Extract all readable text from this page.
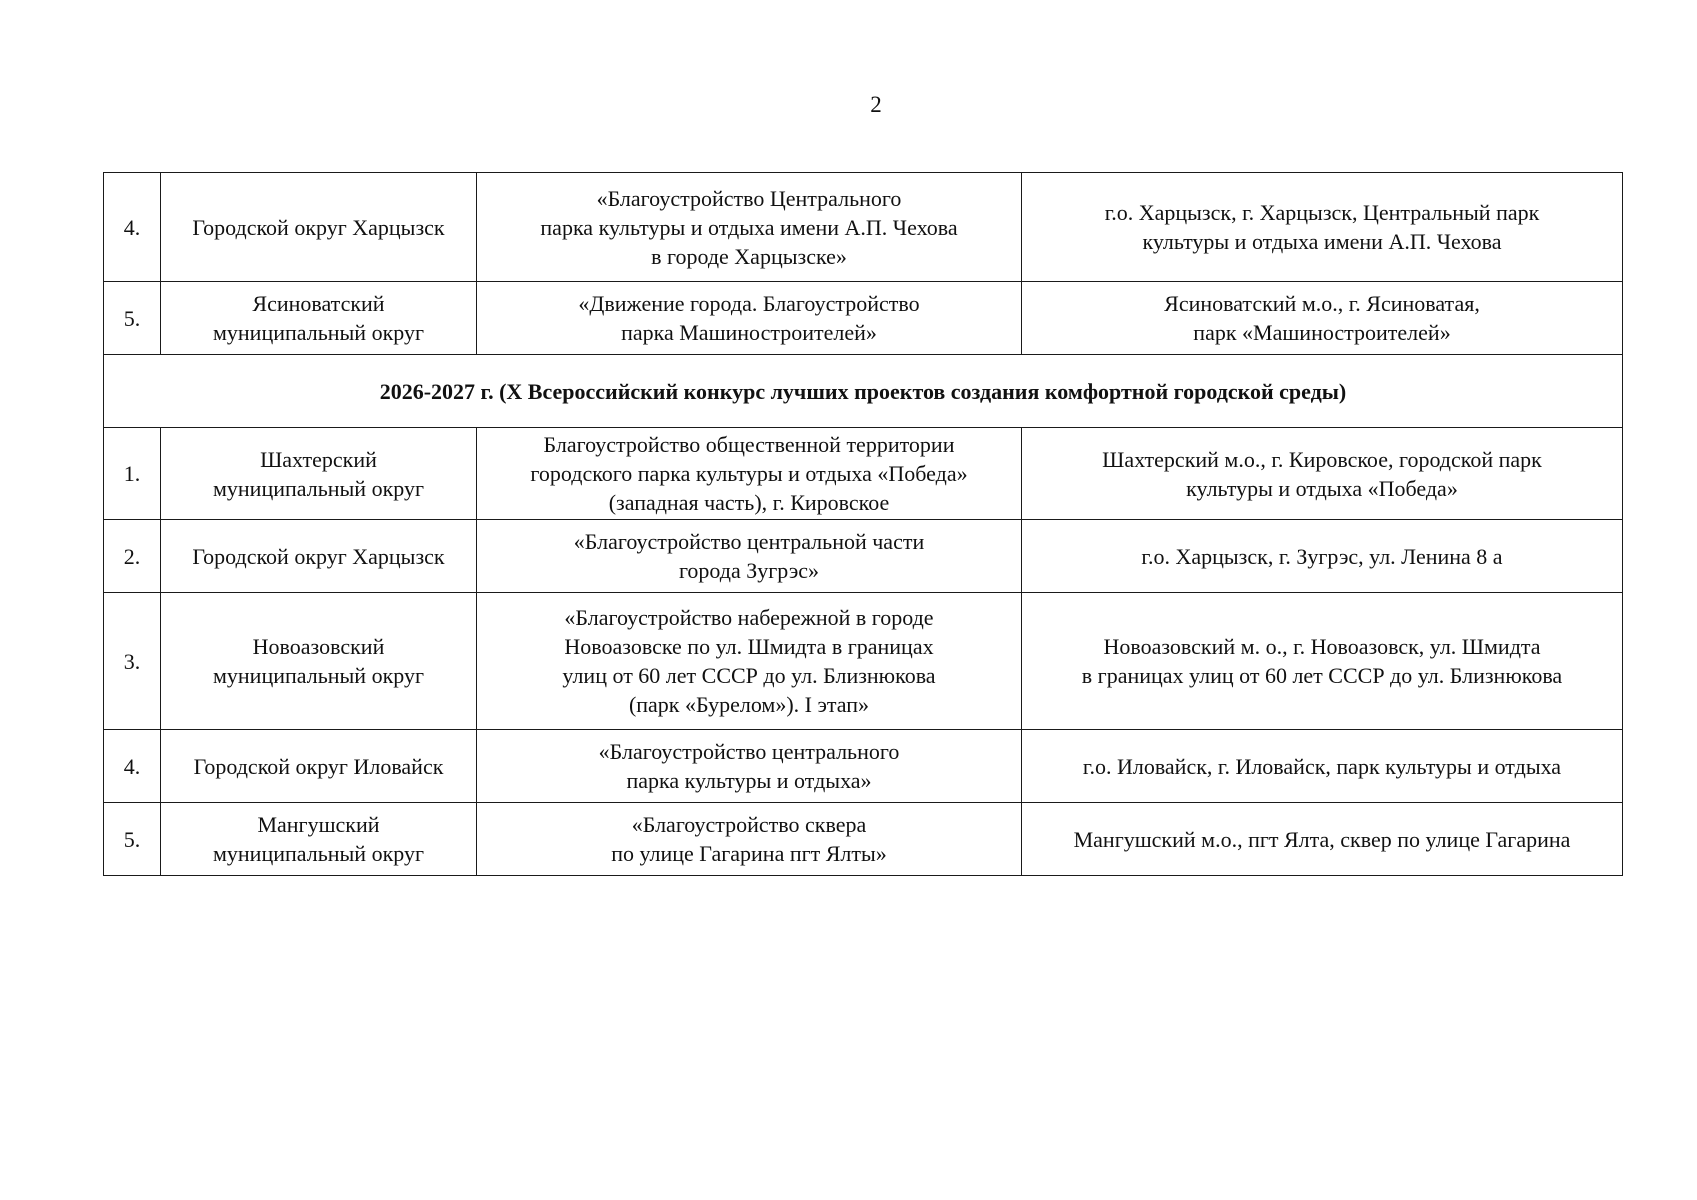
2
4.	Городской округ Харцызск	«Благоустройство Центрального
парка культуры и отдыха имени А.П. Чехова
в городе Харцызске»	г.о. Харцызск, г. Харцызск, Центральный парк
культуры и отдыха имени А.П. Чехова

5.	Ясиноватский
муниципальный округ	«Движение города. Благоустройство
парка Машиностроителей»	Ясиноватский м.о., г. Ясиноватая,
парк «Машиностроителей»

2026-2027 г. (X Всероссийский конкурс лучших проектов создания комфортной городской среды)			
1.	Шахтерский
муниципальный округ	Благоустройство общественной территории
городского парка культуры и отдыха «Победа»
(западная часть), г. Кировское	Шахтерский м.о., г. Кировское, городской парк
культуры и отдыха «Победа»

2.	Городской округ Харцызск	«Благоустройство центральной части
города Зугрэс»	г.о. Харцызск, г. Зугрэс, ул. Ленина 8 а

3.	Новоазовский
муниципальный округ	«Благоустройство набережной в городе
Новоазовске по ул. Шмидта в границах
улиц от 60 лет СССР до ул. Близнюкова
(парк «Бурелом»). I этап»	Новоазовский м. о., г. Новоазовск, ул. Шмидта
в границах улиц от 60 лет СССР до ул. Близнюкова

4.	Городской округ Иловайск	«Благоустройство центрального
парка культуры и отдыха»	г.о. Иловайск, г. Иловайск, парк культуры и отдыха

5.	Мангушский
муниципальный округ	«Благоустройство сквера
по улице Гагарина пгт Ялты»	Мангушский м.о., пгт Ялта, сквер по улице Гагарина
